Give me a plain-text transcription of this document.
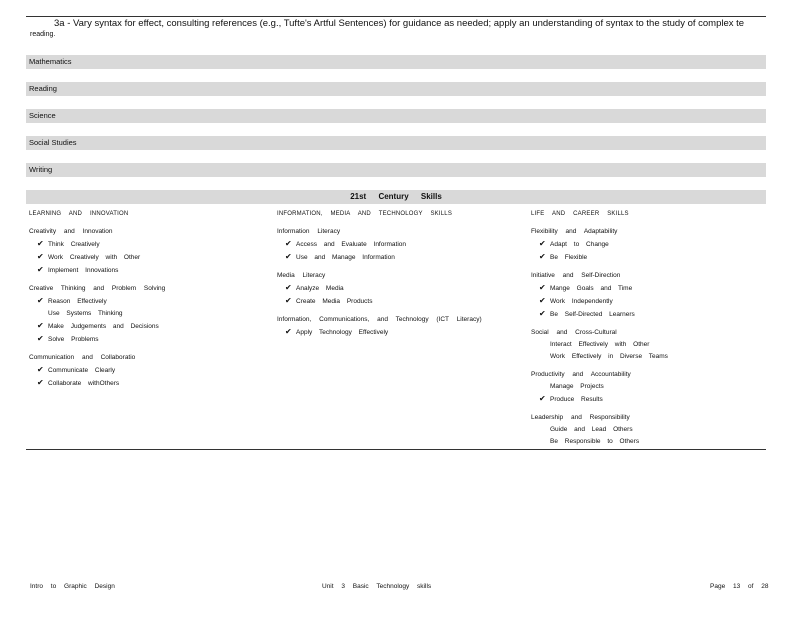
3a - Vary syntax for effect, consulting references (e.g., Tufte's Artful Sentences) for guidance as needed; apply an understanding of syntax to the study of complex te
reading.
Mathematics
Reading
Science
Social Studies
Writing
21st Century Skills
LEARNING AND INNOVATION
Creativity and Innovation
✔ Think Creatively
✔ Work Creatively with Other
✔ Implement Innovations
Creative Thinking and Problem Solving
✔ Reason Effectively
Use Systems Thinking
✔ Make Judgements and Decisions
✔ Solve Problems
Communication and Collaboratio
✔ Communicate Clearly
✔ Collaborate withOthers
INFORMATION, MEDIA AND TECHNOLOGY SKILLS
Information Literacy
✔ Access and Evaluate Information
✔ Use and Manage Information
Media Literacy
✔ Analyze Media
✔ Create Media Products
Information, Communications, and Technology (ICT Literacy)
✔ Apply Technology Effectively
LIFE AND CAREER SKILLS
Flexibility and Adaptability
✔ Adapt to Change
✔ Be Flexible
Initiative and Self-Direction
✔ Mange Goals and Time
✔ Work Independently
✔ Be Self-Directed Learners
Social and Cross-Cultural
Interact Effectively with Other
Work Effectively in Diverse Teams
Productivity and Accountability
Manage Projects
✔ Produce Results
Leadership and Responsibility
Guide and Lead Others
Be Responsible to Others
Intro to Graphic Design	Unit 3 Basic Technology skills	Page 13 of 28
